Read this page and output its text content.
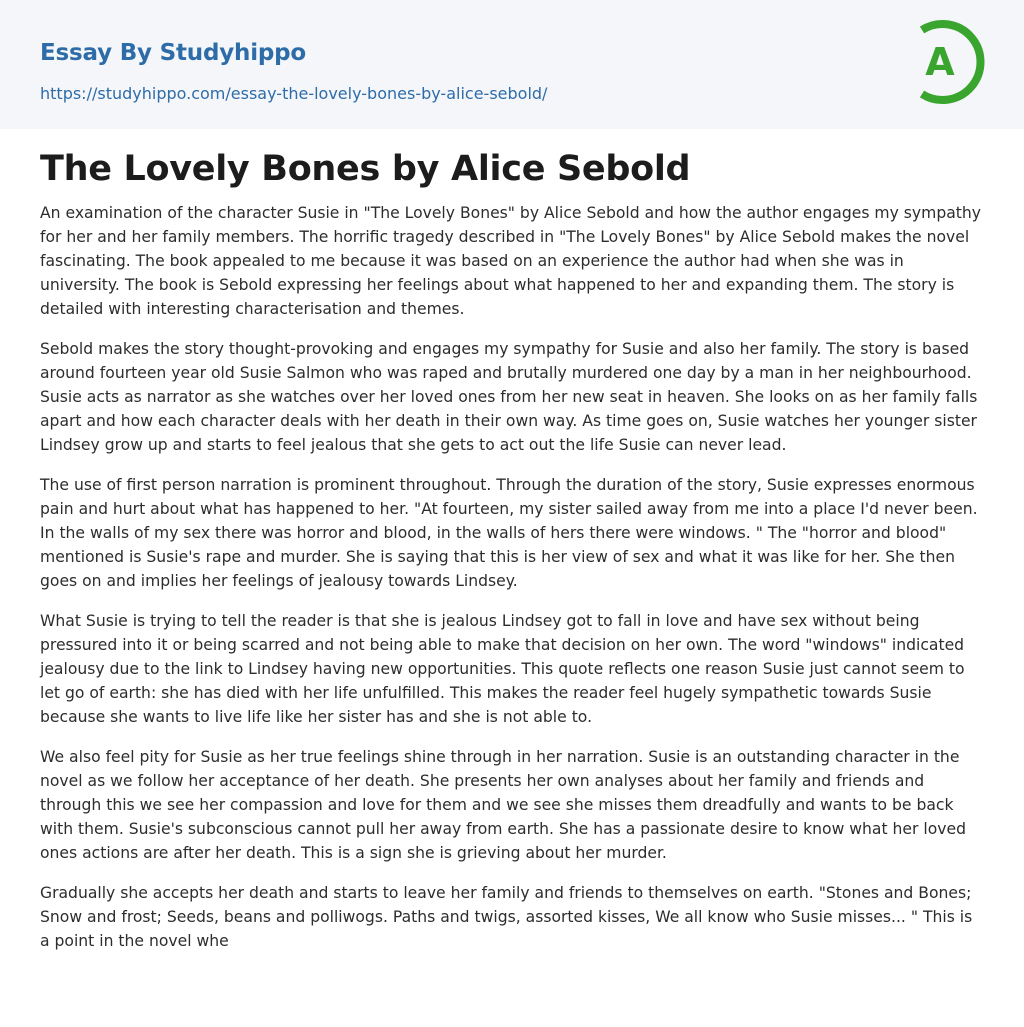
Essay By Studyhippo
https://studyhippo.com/essay-the-lovely-bones-by-alice-sebold/
A
The Lovely Bones by Alice Sebold

An examination of the character Susie in "The Lovely Bones" by Alice Sebold and how the author engages my sympathy for her and her family members. The horrific tragedy described in "The Lovely Bones" by Alice Sebold makes the novel fascinating. The book appealed to me because it was based on an experience the author had when she was in university. The book is Sebold expressing her feelings about what happened to her and expanding them. The story is detailed with interesting characterisation and themes.

Sebold makes the story thought-provoking and engages my sympathy for Susie and also her family. The story is based around fourteen year old Susie Salmon who was raped and brutally murdered one day by a man in her neighbourhood. Susie acts as narrator as she watches over her loved ones from her new seat in heaven. She looks on as her family falls apart and how each character deals with her death in their own way. As time goes on, Susie watches her younger sister Lindsey grow up and starts to feel jealous that she gets to act out the life Susie can never lead.

The use of first person narration is prominent throughout. Through the duration of the story, Susie expresses enormous pain and hurt about what has happened to her. "At fourteen, my sister sailed away from me into a place I'd never been. In the walls of my sex there was horror and blood, in the walls of hers there were windows. " The "horror and blood" mentioned is Susie's rape and murder. She is saying that this is her view of sex and what it was like for her. She then goes on and implies her feelings of jealousy towards Lindsey.

What Susie is trying to tell the reader is that she is jealous Lindsey got to fall in love and have sex without being pressured into it or being scarred and not being able to make that decision on her own. The word "windows" indicated jealousy due to the link to Lindsey having new opportunities. This quote reflects one reason Susie just cannot seem to let go of earth: she has died with her life unfulfilled. This makes the reader feel hugely sympathetic towards Susie because she wants to live life like her sister has and she is not able to.

We also feel pity for Susie as her true feelings shine through in her narration. Susie is an outstanding character in the novel as we follow her acceptance of her death. She presents her own analyses about her family and friends and through this we see her compassion and love for them and we see she misses them dreadfully and wants to be back with them. Susie's subconscious cannot pull her away from earth. She has a passionate desire to know what her loved ones actions are after her death. This is a sign she is grieving about her murder.

Gradually she accepts her death and starts to leave her family and friends to themselves on earth. "Stones and Bones; Snow and frost; Seeds, beans and polliwogs. Paths and twigs, assorted kisses, We all know who Susie misses... " This is a point in the novel whe
